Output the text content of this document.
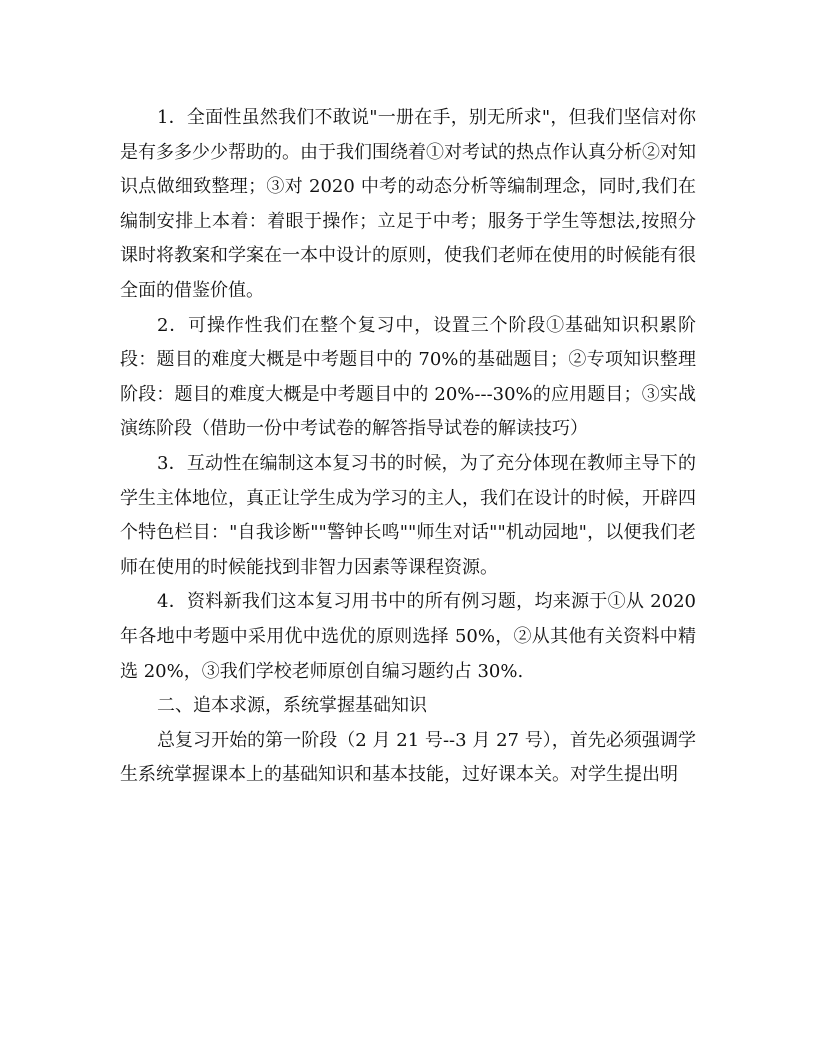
1．全面性虽然我们不敢说"一册在手，别无所求"，但我们坚信对你是有多多少少帮助的。由于我们围绕着①对考试的热点作认真分析②对知识点做细致整理；③对 2020 中考的动态分析等编制理念，同时,我们在编制安排上本着：着眼于操作；立足于中考；服务于学生等想法,按照分课时将教案和学案在一本中设计的原则，使我们老师在使用的时候能有很全面的借鉴价值。

2．可操作性我们在整个复习中，设置三个阶段①基础知识积累阶段：题目的难度大概是中考题目中的 70%的基础题目；②专项知识整理阶段：题目的难度大概是中考题目中的 20%---30%的应用题目；③实战演练阶段（借助一份中考试卷的解答指导试卷的解读技巧）

3．互动性在编制这本复习书的时候，为了充分体现在教师主导下的学生主体地位，真正让学生成为学习的主人，我们在设计的时候，开辟四个特色栏目："自我诊断""警钟长鸣""师生对话""机动园地"，以便我们老师在使用的时候能找到非智力因素等课程资源。

4．资料新我们这本复习用书中的所有例习题，均来源于①从 2020 年各地中考题中采用优中选优的原则选择 50%，②从其他有关资料中精选 20%，③我们学校老师原创自编习题约占 30%.

二、追本求源，系统掌握基础知识

总复习开始的第一阶段（2 月 21 号--3 月 27 号），首先必须强调学生系统掌握课本上的基础知识和基本技能，过好课本关。对学生提出明
